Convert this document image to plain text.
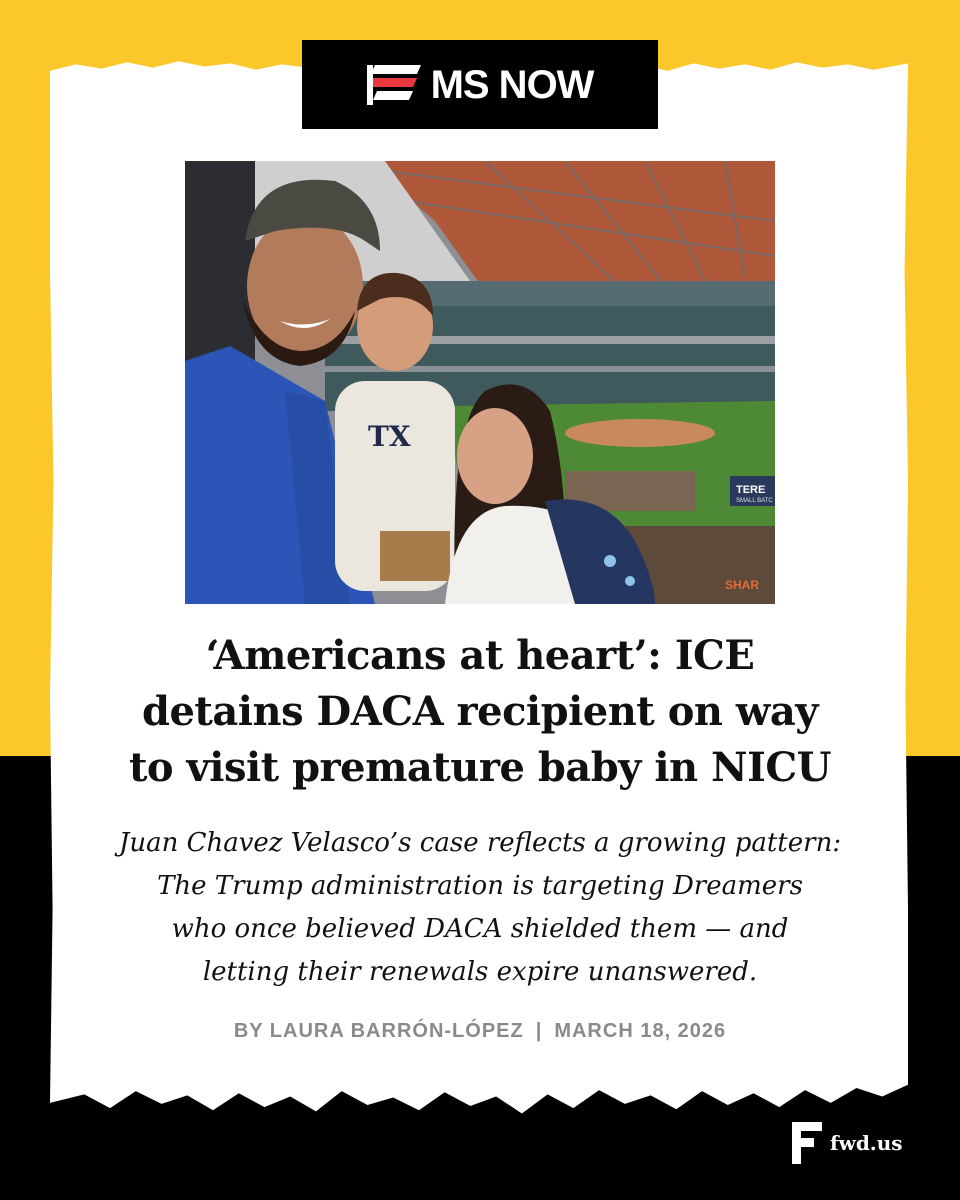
MS NOW
TERE
SMALL BATC
SHAR
TX
‘Americans at heart’: ICE
detains DACA recipient on way
to visit premature baby in NICU

Juan Chavez Velasco’s case reflects a growing pattern:
The Trump administration is targeting Dreamers
who once believed DACA shielded them — and
letting their renewals expire unanswered.

BY LAURA BARRÓN-LÓPEZ | MARCH 18, 2026
fwd.us
